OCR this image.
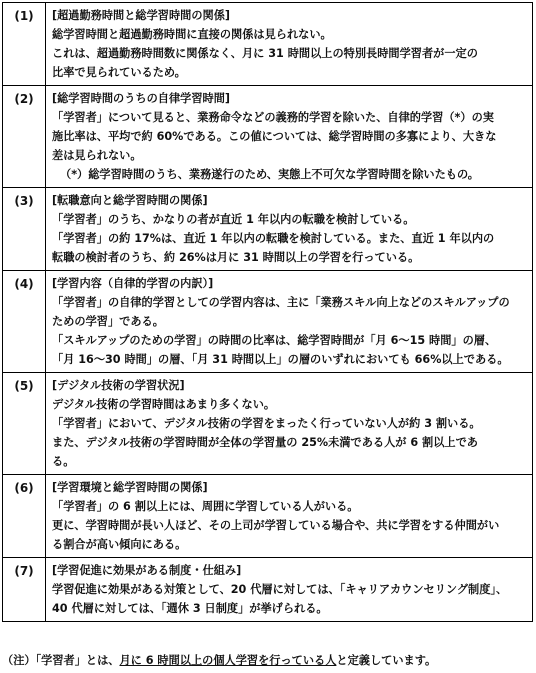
(1)	[超過勤務時間と総学習時間の関係]
総学習時間と超過勤務時間に直接の関係は見られない。
これは、超過勤務時間数に関係なく、月に 31 時間以上の特別長時間学習者が一定の
比率で見られているため。

(2)	[総学習時間のうちの自律学習時間]
「学習者」について見ると、業務命令などの義務的学習を除いた、自律的学習（*）の実
施比率は、平均で約 60%である。この値については、総学習時間の多寡により、大きな
差は見られない。
（*）総学習時間のうち、業務遂行のため、実態上不可欠な学習時間を除いたもの。

(3)	[転職意向と総学習時間の関係]
「学習者」のうち、かなりの者が直近 1 年以内の転職を検討している。
「学習者」の約 17%は、直近 1 年以内の転職を検討している。また、直近 1 年以内の
転職の検討者のうち、約 26%は月に 31 時間以上の学習を行っている。

(4)	[学習内容（自律的学習の内訳）]
「学習者」の自律的学習としての学習内容は、主に「業務スキル向上などのスキルアップの
ための学習」である。
「スキルアップのための学習」の時間の比率は、総学習時間が「月 6～15 時間」の層、
「月 16～30 時間」の層、「月 31 時間以上」の層のいずれにおいても 66%以上である。

(5)	[デジタル技術の学習状況]
デジタル技術の学習時間はあまり多くない。
「学習者」において、デジタル技術の学習をまったく行っていない人が約 3 割いる。
また、デジタル技術の学習時間が全体の学習量の 25%未満である人が 6 割以上であ
る。

(6)	[学習環境と総学習時間の関係]
「学習者」の 6 割以上には、周囲に学習している人がいる。
更に、学習時間が長い人ほど、その上司が学習している場合や、共に学習をする仲間がい
る割合が高い傾向にある。

(7)	[学習促進に効果がある制度・仕組み]
学習促進に効果がある対策として、20 代層に対しては、「キャリアカウンセリング制度」、
40 代層に対しては、「週休 3 日制度」が挙げられる。
（注）「学習者」とは、月に 6 時間以上の個人学習を行っている人と定義しています。
